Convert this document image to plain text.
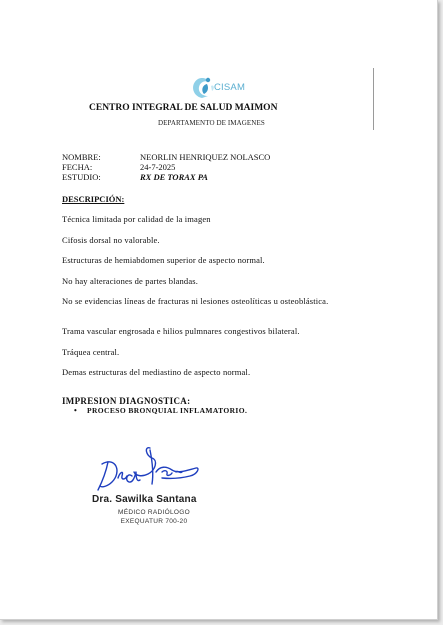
CISAM
CENTRO INTEGRAL DE SALUD MAIMON
DEPARTAMENTO DE IMAGENES
NOMBRE:	NEORLIN HENRIQUEZ NOLASCO
FECHA:	24-7-2025
ESTUDIO:	RX DE TORAX PA
DESCRIPCIÓN:
Técnica limitada por calidad de la imagen
Cifosis dorsal no valorable.
Estructuras de hemiabdomen superior de aspecto normal.
No hay alteraciones de partes blandas.
No se evidencias líneas de fracturas ni lesiones osteolíticas u osteoblástica.
Trama vascular engrosada e hilios pulmnares congestivos bilateral.
Tráquea central.
Demas estructuras del mediastino de aspecto normal.
IMPRESION DIAGNOSTICA:
• PROCESO BRONQUIAL INFLAMATORIO.
Dra. Sawilka Santana
MÉDICO RADIÓLOGO
EXEQUATUR 700-20
